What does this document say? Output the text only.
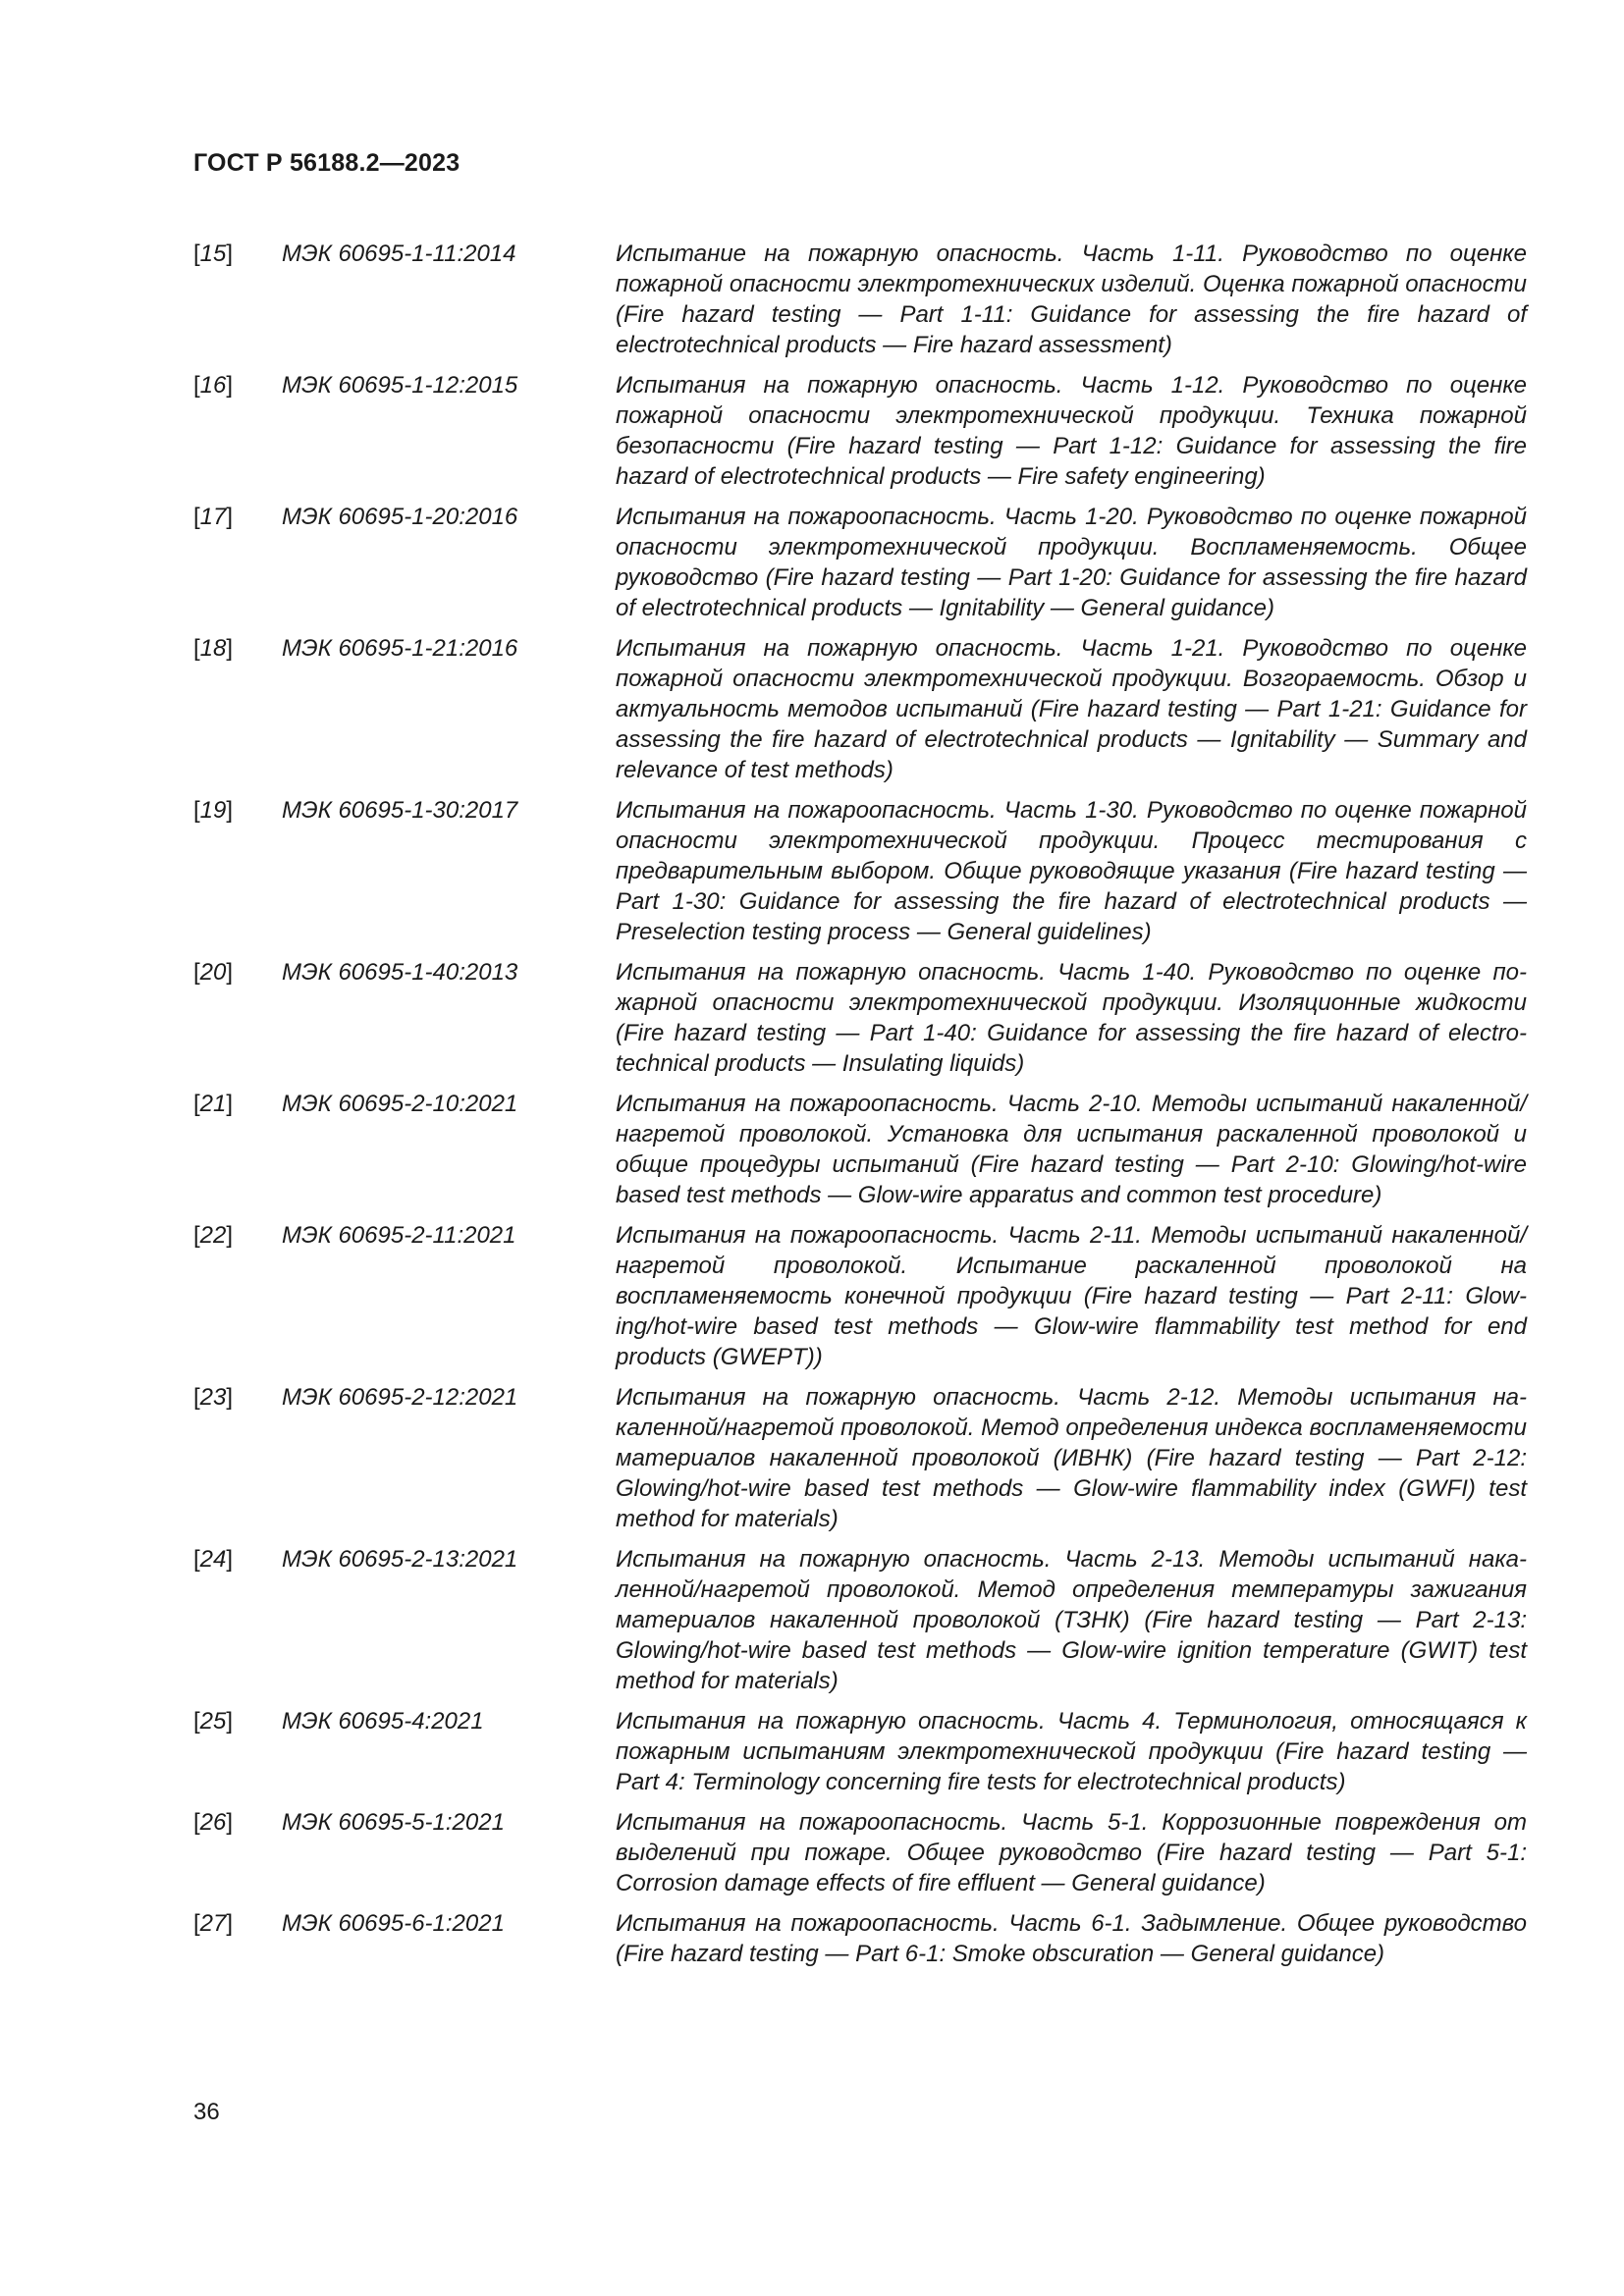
ГОСТ Р 56188.2—2023
[15] МЭК 60695-1-11:2014	Испытание на пожарную опасность. Часть 1-11. Руководство по оценке пожарной опасности электротехнических изделий. Оценка пожарной опасности (Fire hazard testing — Part 1-11: Guidance for assessing the fire hazard of electrotechnical products — Fire hazard assessment)
[16] МЭК 60695-1-12:2015	Испытания на пожарную опасность. Часть 1-12. Руководство по оценке пожарной опасности электротехнической продукции. Техника пожарной безопасности (Fire hazard testing — Part 1-12: Guidance for assessing the fire hazard of electrotechnical products — Fire safety engineering)
[17] МЭК 60695-1-20:2016	Испытания на пожароопасность. Часть 1-20. Руководство по оценке пожарной опасности электротехнической продукции. Воспламеняемость. Общее руководство (Fire hazard testing — Part 1-20: Guidance for assessing the fire hazard of electrotechnical products — Ignitability — General guidance)
[18] МЭК 60695-1-21:2016	Испытания на пожарную опасность. Часть 1-21. Руководство по оценке пожарной опасности электротехнической продукции. Возгораемость. Обзор и актуальность методов испытаний (Fire hazard testing — Part 1-21: Guidance for assessing the fire hazard of electrotechnical products — Ignitability — Summary and relevance of test methods)
[19] МЭК 60695-1-30:2017	Испытания на пожароопасность. Часть 1-30. Руководство по оценке пожарной опасности электротехнической продукции. Процесс тестирования с предварительным выбором. Общие руководящие указания (Fire hazard testing — Part 1-30: Guidance for assessing the fire hazard of electrotechnical products — Preselection testing process — General guidelines)
[20] МЭК 60695-1-40:2013	Испытания на пожарную опасность. Часть 1-40. Руководство по оценке пожарной опасности электротехнической продукции. Изоляционные жидкости (Fire hazard testing — Part 1-40: Guidance for assessing the fire hazard of electrotechnical products — Insulating liquids)
[21] МЭК 60695-2-10:2021	Испытания на пожароопасность. Часть 2-10. Методы испытаний накаленной/нагретой проволокой. Установка для испытания раскаленной проволокой и общие процедуры испытаний (Fire hazard testing — Part 2-10: Glowing/hot-wire based test methods — Glow-wire apparatus and common test procedure)
[22] МЭК 60695-2-11:2021	Испытания на пожароопасность. Часть 2-11. Методы испытаний накаленной/нагретой проволокой. Испытание раскаленной проволокой на воспламеняемость конечной продукции (Fire hazard testing — Part 2-11: Glowing/hot-wire based test methods — Glow-wire flammability test method for end products (GWEPT))
[23] МЭК 60695-2-12:2021	Испытания на пожарную опасность. Часть 2-12. Методы испытания накаленной/нагретой проволокой. Метод определения индекса воспламеняемости материалов накаленной проволокой (ИВНК) (Fire hazard testing — Part 2-12: Glowing/hot-wire based test methods — Glow-wire flammability index (GWFI) test method for materials)
[24] МЭК 60695-2-13:2021	Испытания на пожарную опасность. Часть 2-13. Методы испытаний накаленной/нагретой проволокой. Метод определения температуры зажигания материалов накаленной проволокой (ТЗНК) (Fire hazard testing — Part 2-13: Glowing/hot-wire based test methods — Glow-wire ignition temperature (GWIT) test method for materials)
[25] МЭК 60695-4:2021	Испытания на пожарную опасность. Часть 4. Терминология, относящаяся к пожарным испытаниям электротехнической продукции (Fire hazard testing — Part 4: Terminology concerning fire tests for electrotechnical products)
[26] МЭК 60695-5-1:2021	Испытания на пожароопасность. Часть 5-1. Коррозионные повреждения от выделений при пожаре. Общее руководство (Fire hazard testing — Part 5-1: Corrosion damage effects of fire effluent — General guidance)
[27] МЭК 60695-6-1:2021	Испытания на пожароопасность. Часть 6-1. Задымление. Общее руководство (Fire hazard testing — Part 6-1: Smoke obscuration — General guidance)
36
